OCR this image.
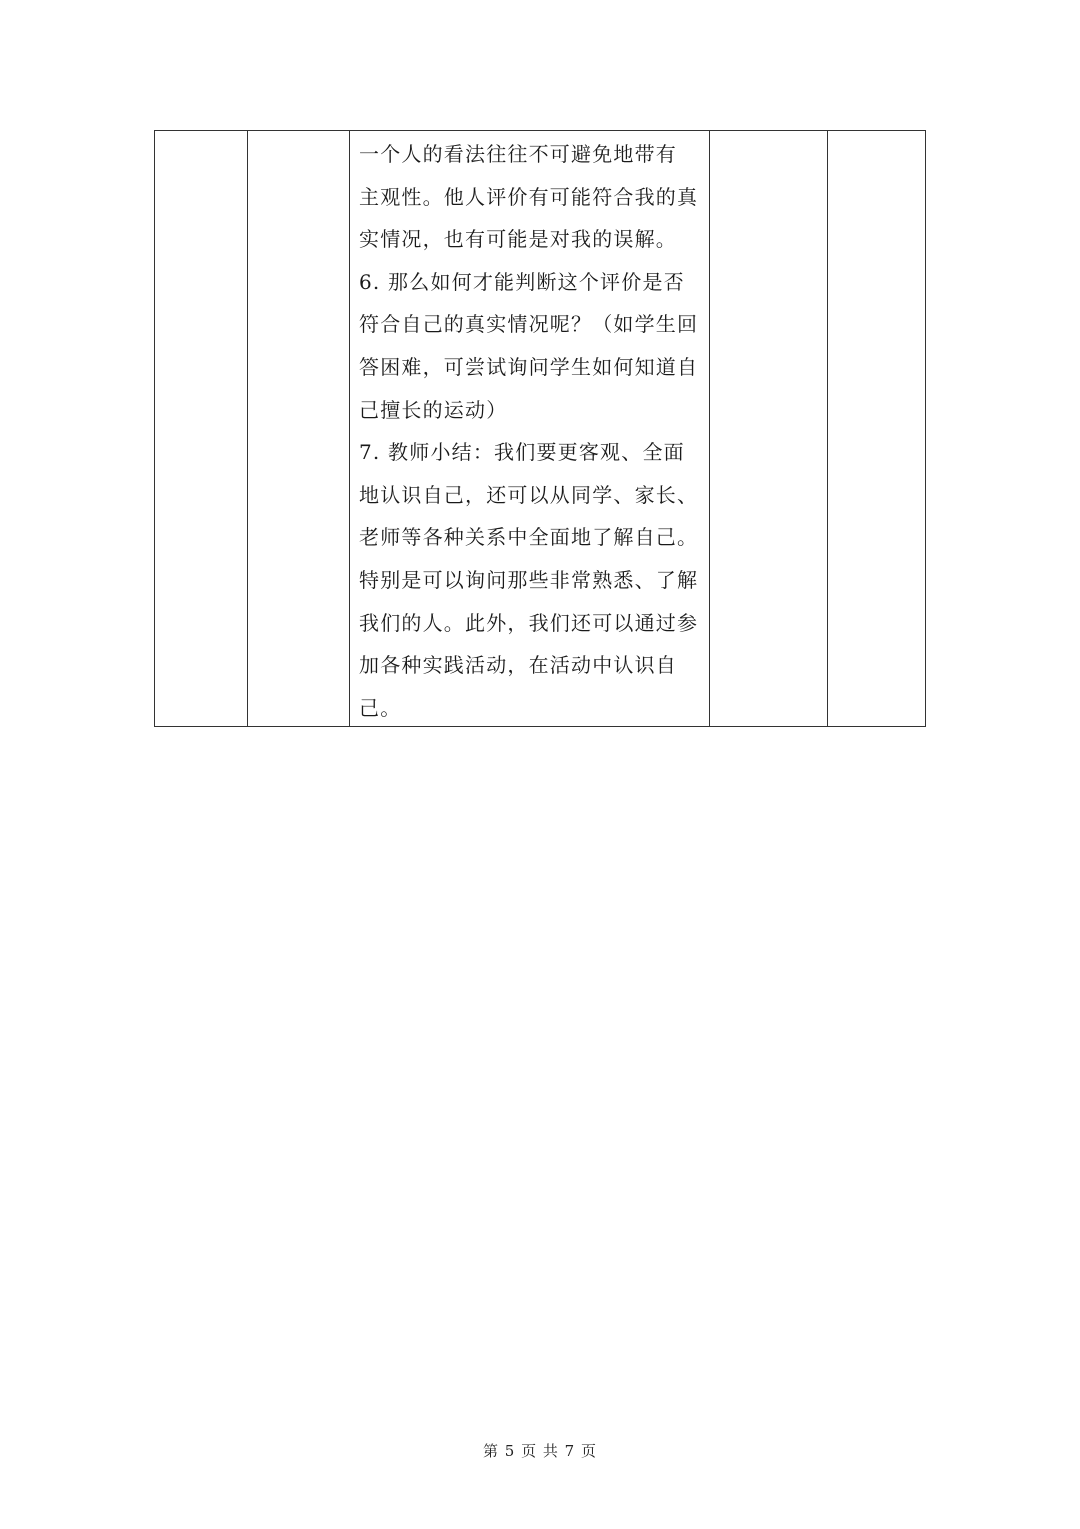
一个人的看法往往不可避免地带有
主观性。他人评价有可能符合我的真
实情况，也有可能是对我的误解。
6. 那么如何才能判断这个评价是否
符合自己的真实情况呢？（如学生回
答困难，可尝试询问学生如何知道自
己擅长的运动）
7. 教师小结：我们要更客观、全面
地认识自己，还可以从同学、家长、
老师等各种关系中全面地了解自己。
特别是可以询问那些非常熟悉、了解
我们的人。此外，我们还可以通过参
加各种实践活动，在活动中认识自
己。
第 5 页 共 7 页
